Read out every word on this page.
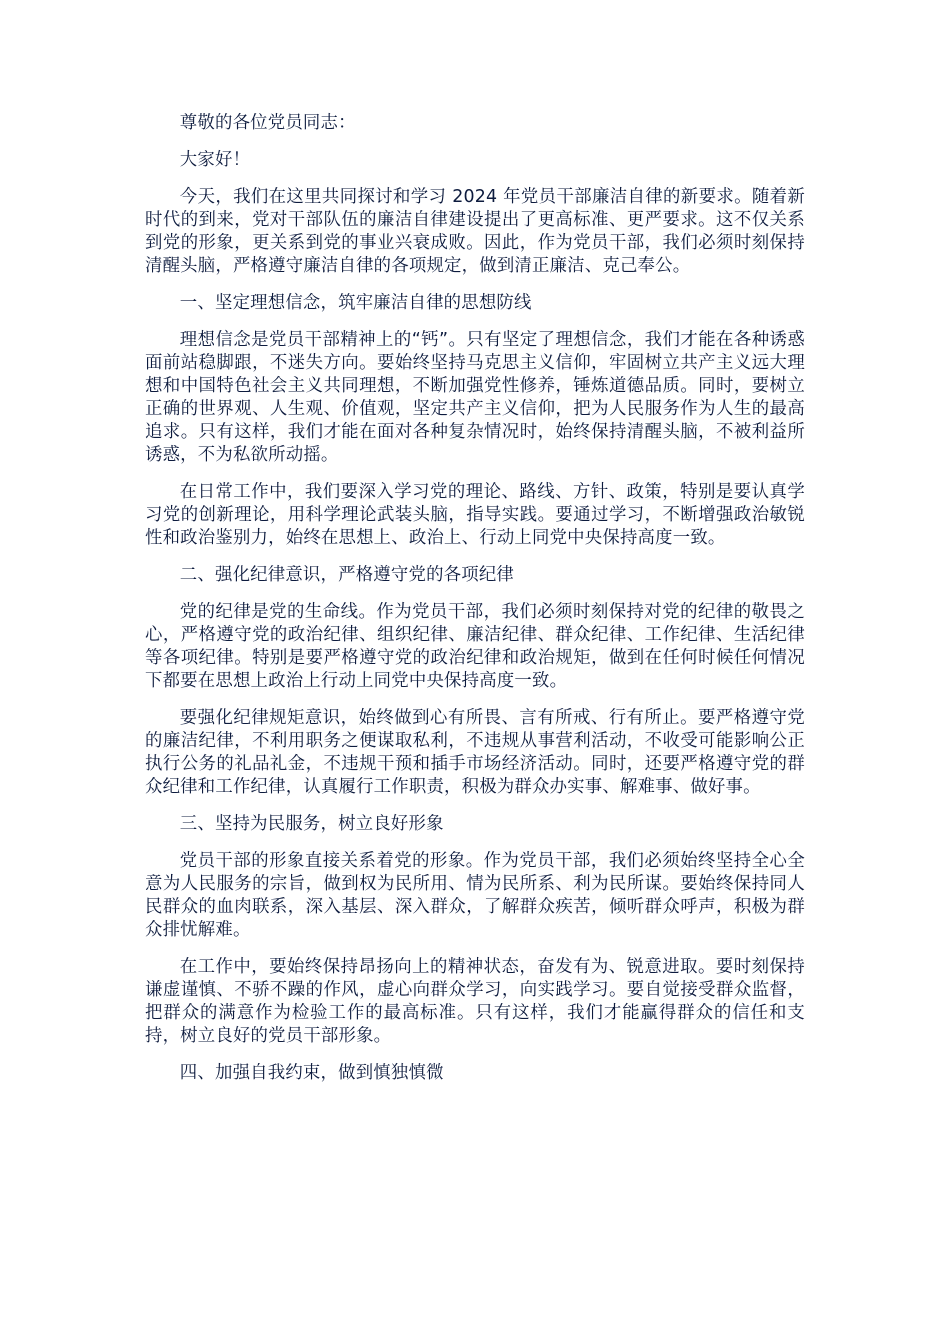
尊敬的各位党员同志：

大家好！

今天，我们在这里共同探讨和学习 2024 年党员干部廉洁自律的新要求。随着新时代的到来，党对干部队伍的廉洁自律建设提出了更高标准、更严要求。这不仅关系到党的形象，更关系到党的事业兴衰成败。因此，作为党员干部，我们必须时刻保持清醒头脑，严格遵守廉洁自律的各项规定，做到清正廉洁、克己奉公。

一、坚定理想信念，筑牢廉洁自律的思想防线

理想信念是党员干部精神上的“钙”。只有坚定了理想信念，我们才能在各种诱惑面前站稳脚跟，不迷失方向。要始终坚持马克思主义信仰，牢固树立共产主义远大理想和中国特色社会主义共同理想，不断加强党性修养，锤炼道德品质。同时，要树立正确的世界观、人生观、价值观，坚定共产主义信仰，把为人民服务作为人生的最高追求。只有这样，我们才能在面对各种复杂情况时，始终保持清醒头脑，不被利益所诱惑，不为私欲所动摇。

在日常工作中，我们要深入学习党的理论、路线、方针、政策，特别是要认真学习党的创新理论，用科学理论武装头脑，指导实践。要通过学习，不断增强政治敏锐性和政治鉴别力，始终在思想上、政治上、行动上同党中央保持高度一致。

二、强化纪律意识，严格遵守党的各项纪律

党的纪律是党的生命线。作为党员干部，我们必须时刻保持对党的纪律的敬畏之心，严格遵守党的政治纪律、组织纪律、廉洁纪律、群众纪律、工作纪律、生活纪律等各项纪律。特别是要严格遵守党的政治纪律和政治规矩，做到在任何时候任何情况下都要在思想上政治上行动上同党中央保持高度一致。

要强化纪律规矩意识，始终做到心有所畏、言有所戒、行有所止。要严格遵守党的廉洁纪律，不利用职务之便谋取私利，不违规从事营利活动，不收受可能影响公正执行公务的礼品礼金，不违规干预和插手市场经济活动。同时，还要严格遵守党的群众纪律和工作纪律，认真履行工作职责，积极为群众办实事、解难事、做好事。

三、坚持为民服务，树立良好形象

党员干部的形象直接关系着党的形象。作为党员干部，我们必须始终坚持全心全意为人民服务的宗旨，做到权为民所用、情为民所系、利为民所谋。要始终保持同人民群众的血肉联系，深入基层、深入群众，了解群众疾苦，倾听群众呼声，积极为群众排忧解难。

在工作中，要始终保持昂扬向上的精神状态，奋发有为、锐意进取。要时刻保持谦虚谨慎、不骄不躁的作风，虚心向群众学习，向实践学习。要自觉接受群众监督，把群众的满意作为检验工作的最高标准。只有这样，我们才能赢得群众的信任和支持，树立良好的党员干部形象。

四、加强自我约束，做到慎独慎微
